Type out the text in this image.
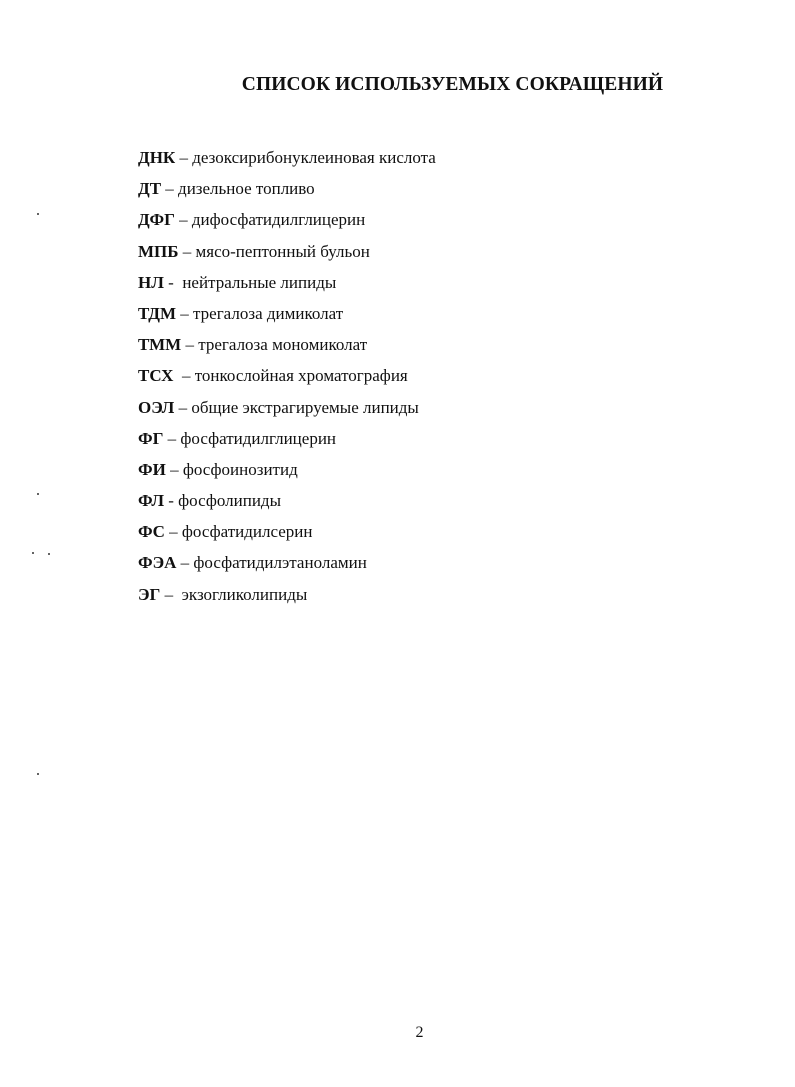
СПИСОК ИСПОЛЬЗУЕМЫХ СОКРАЩЕНИЙ
ДНК – дезоксирибонуклеиновая кислота
ДТ – дизельное топливо
ДФГ – дифосфатидилглицерин
МПБ – мясо-пептонный бульон
НЛ -  нейтральные липиды
ТДМ – трегалоза димиколат
ТММ – трегалоза мономиколат
ТСХ  – тонкослойная хроматография
ОЭЛ – общие экстрагируемые липиды
ФГ – фосфатидилглицерин
ФИ – фосфоинозитид
ФЛ - фосфолипиды
ФС – фосфатидилсерин
ФЭА – фосфатидилэтаноламин
ЭГ –  экзогликолипиды
2
